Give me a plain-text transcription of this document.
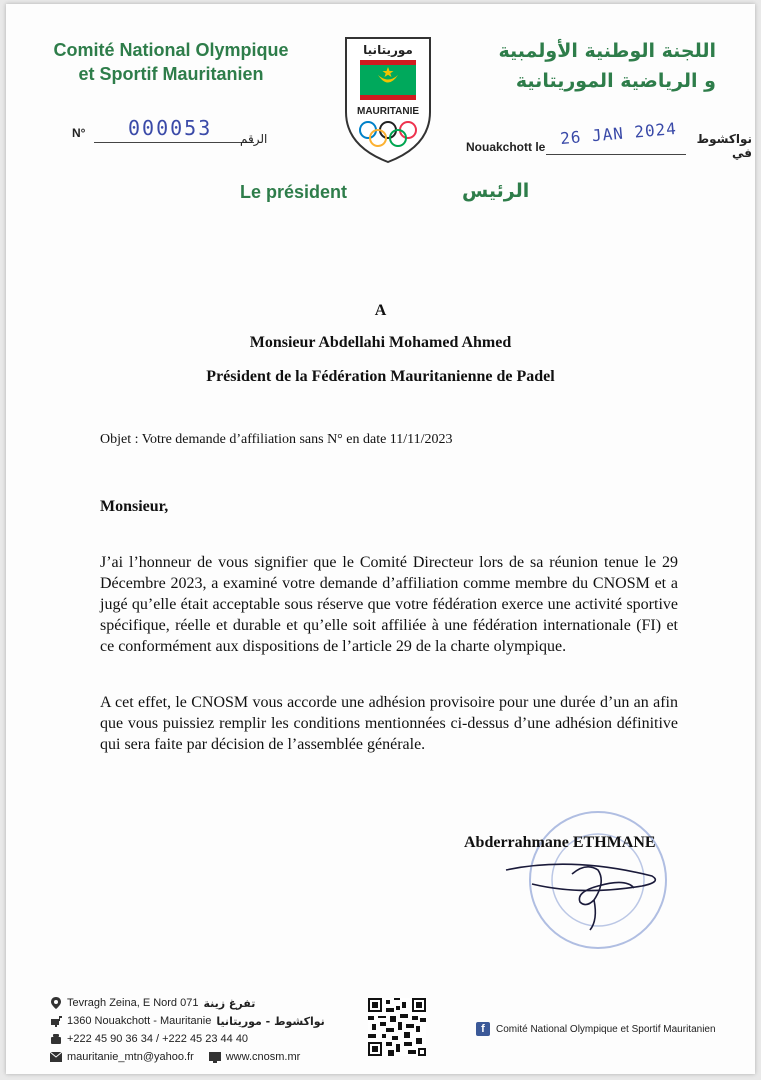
Comité National Olympique
et Sportif Mauritanien
اللجنة الوطنية الأولمبية
و الرياضية الموريتانية
موريتانيا
MAURITANIE
N° 000053 الرقم
Nouakchott le 26 JAN 2024	نواكشوط في
Le président	الرئيس
A
Monsieur Abdellahi Mohamed Ahmed
Président de la Fédération Mauritanienne de Padel
Objet : Votre demande d’affiliation sans N° en date 11/11/2023
Monsieur,
J’ai l’honneur de vous signifier que le Comité Directeur lors de sa réunion tenue le 29 Décembre 2023, a examiné votre demande d’affiliation comme membre du CNOSM et a jugé qu’elle était acceptable sous réserve que votre fédération exerce une activité sportive spécifique, réelle et durable et qu’elle soit affiliée à une fédération internationale (FI) et ce conformément aux dispositions de l’article 29 de la charte olympique.
A cet effet, le CNOSM vous accorde une adhésion provisoire pour une durée d’un an afin que vous puissiez remplir les conditions mentionnées ci-dessus d’une adhésion définitive qui sera faite par décision de l’assemblée générale.
Abderrahmane ETHMANE
Tevragh Zeina, E Nord 071 تفرغ زينة
1360 Nouakchott - Mauritanie نواكشوط - موريتانيا
+222 45 90 36 34 / +222 45 23 44 40
mauritanie_mtn@yahoo.fr	www.cnosm.mr
f	Comité National Olympique et Sportif Mauritanien
